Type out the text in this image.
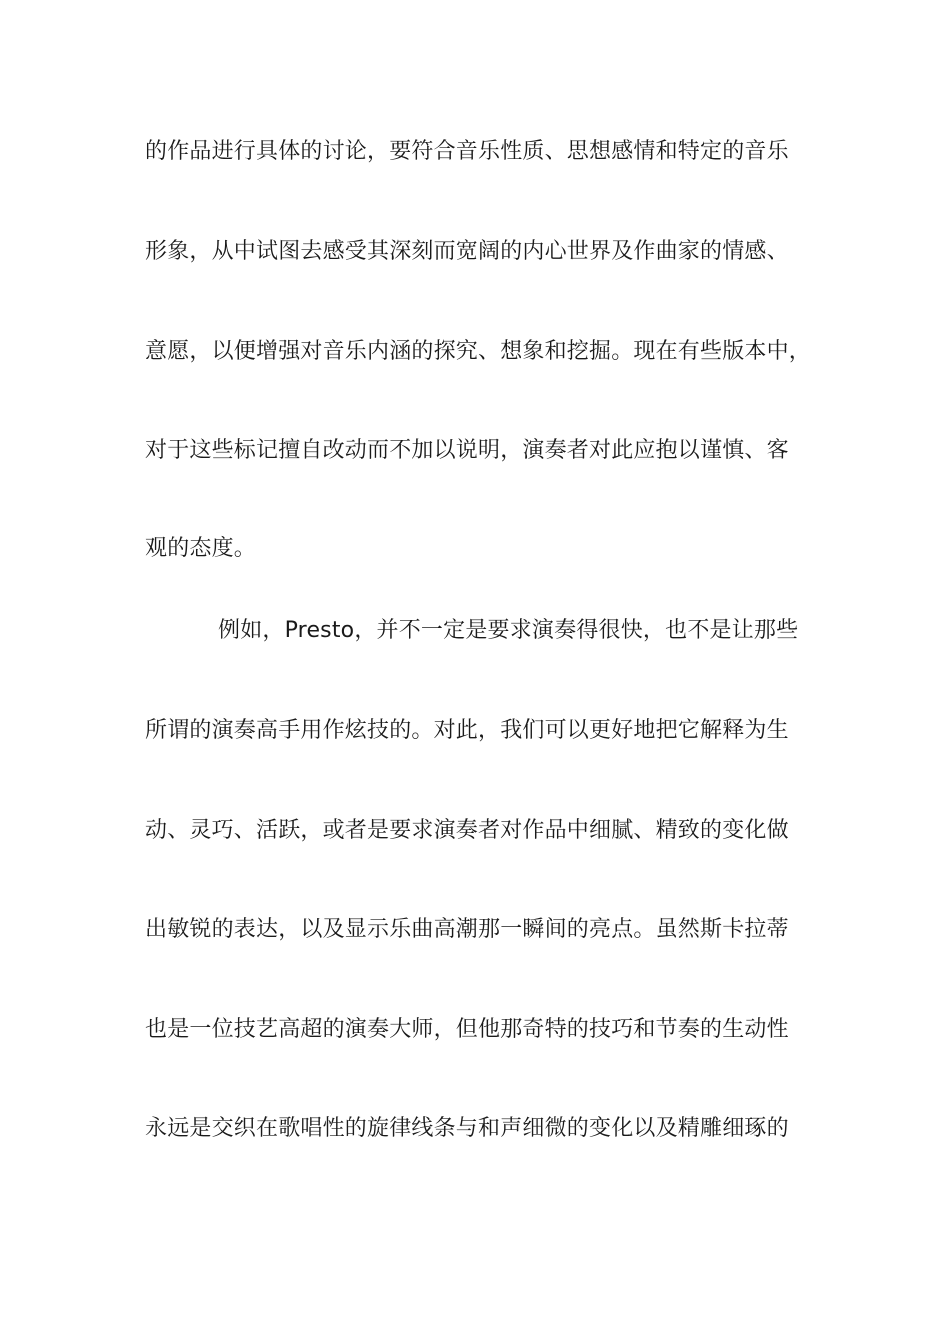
的作品进行具体的讨论，要符合音乐性质、思想感情和特定的音乐
形象，从中试图去感受其深刻而宽阔的内心世界及作曲家的情感、
意愿，以便增强对音乐内涵的探究、想象和挖掘。现在有些版本中，
对于这些标记擅自改动而不加以说明，演奏者对此应抱以谨慎、客
观的态度。
例如，Presto，并不一定是要求演奏得很快，也不是让那些
所谓的演奏高手用作炫技的。对此，我们可以更好地把它解释为生
动、灵巧、活跃，或者是要求演奏者对作品中细腻、精致的变化做
出敏锐的表达，以及显示乐曲高潮那一瞬间的亮点。虽然斯卡拉蒂
也是一位技艺高超的演奏大师，但他那奇特的技巧和节奏的生动性
永远是交织在歌唱性的旋律线条与和声细微的变化以及精雕细琢的
